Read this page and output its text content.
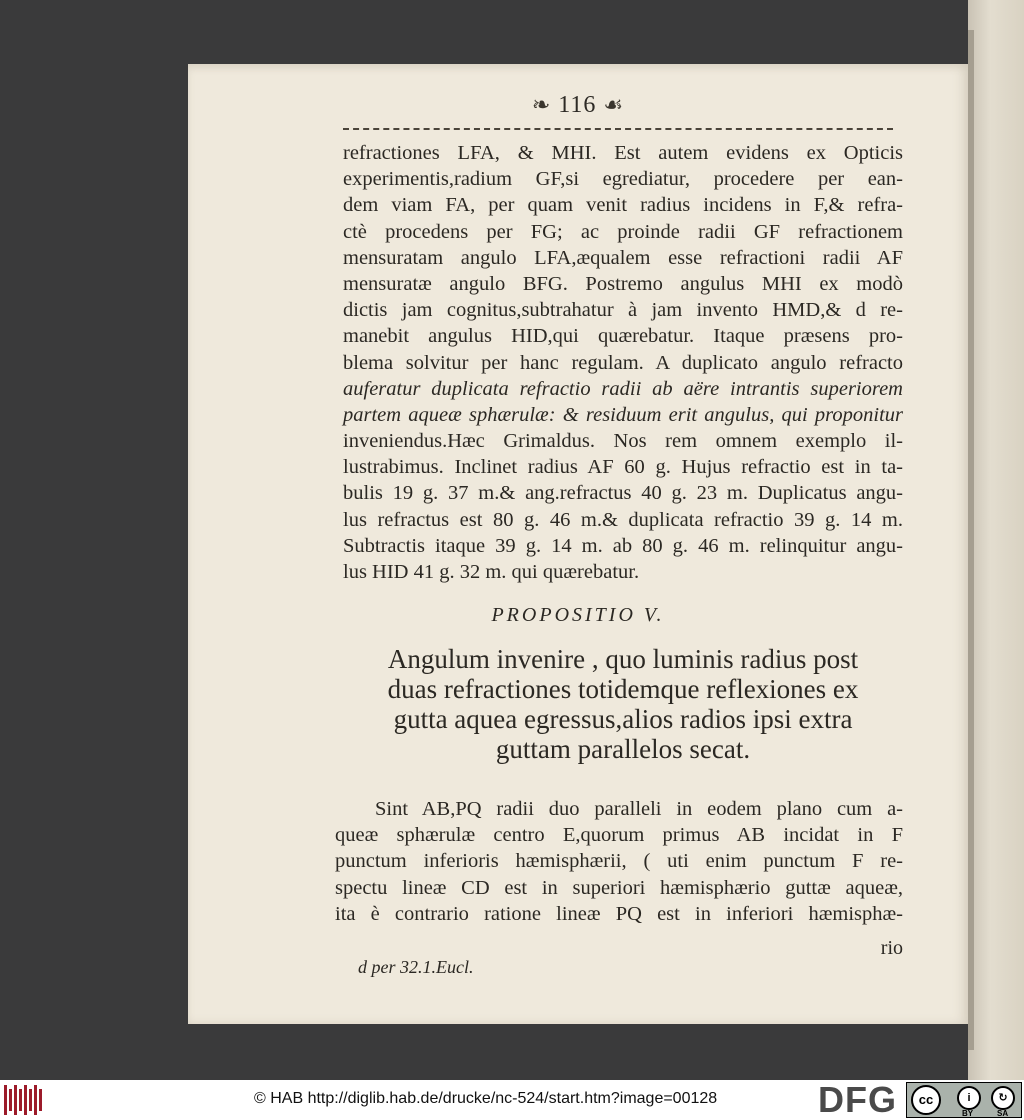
❧ 116 ☙
refractiones LFA, & MHI. Est autem evidens ex Opticis
experimentis,radium GF,si egrediatur, procedere per ean-
dem viam FA, per quam venit radius incidens in F,& refra-
ctè procedens per FG; ac proinde radii GF refractionem
mensuratam angulo LFA,æqualem esse refractioni radii AF
mensuratæ angulo BFG. Postremo angulus MHI ex modò
dictis jam cognitus,subtrahatur à jam invento HMD,& d re-
manebit angulus HID,qui quærebatur. Itaque præsens pro-
blema solvitur per hanc regulam. A duplicato angulo refracto
auferatur duplicata refractio radii ab aëre intrantis superiorem
partem aqueæ sphærulæ: & residuum erit angulus, qui proponitur
inveniendus.Hæc Grimaldus. Nos rem omnem exemplo il-
lustrabimus. Inclinet radius AF 60 g. Hujus refractio est in ta-
bulis 19 g. 37 m.& ang.refractus 40 g. 23 m. Duplicatus angu-
lus refractus est 80 g. 46 m.& duplicata refractio 39 g. 14 m.
Subtractis itaque 39 g. 14 m. ab 80 g. 46 m. relinquitur angu-
lus HID 41 g. 32 m. qui quærebatur.
PROPOSITIO V.
Angulum invenire , quo luminis radius post
duas refractiones totidemque reflexiones ex
gutta aquea egressus,alios radios ipsi extra
guttam parallelos secat.
Sint AB,PQ radii duo paralleli in eodem plano cum a-
queæ sphærulæ centro E,quorum primus AB incidat in F
punctum inferioris hæmisphærii, ( uti enim punctum F re-
spectu lineæ CD est in superiori hæmisphærio guttæ aqueæ,
ita è contrario ratione lineæ PQ est in inferiori hæmisphæ-
rio
d per 32.1.Eucl.
© HAB http://diglib.hab.de/drucke/nc-524/start.htm?image=00128	DFG	cc	i	↻
BY	SA
